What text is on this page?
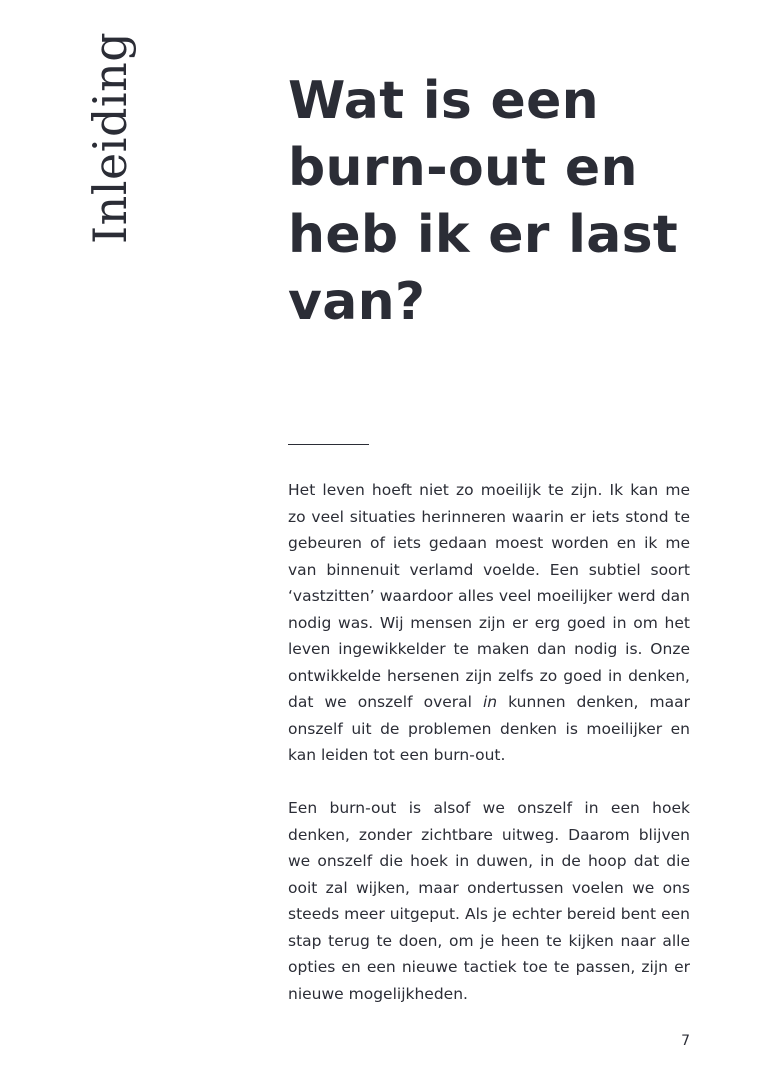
Inleiding	Wat is een burn-out en heb ik er last van?

Het leven hoeft niet zo moeilijk te zijn. Ik kan me zo veel situaties herinneren waarin er iets stond te gebeuren of iets gedaan moest worden en ik me van binnenuit verlamd voelde. Een subtiel soort ‘vastzitten’ waardoor alles veel moeilijker werd dan nodig was. Wij mensen zijn er erg goed in om het leven ingewikkelder te maken dan nodig is. Onze ontwikkelde hersenen zijn zelfs zo goed in denken, dat we onszelf overal in kunnen denken, maar onszelf uit de problemen denken is moeilijker en kan leiden tot een burn-out.

Een burn-out is alsof we onszelf in een hoek denken, zonder zichtbare uitweg. Daarom blijven we onszelf die hoek in duwen, in de hoop dat die ooit zal wijken, maar ondertussen voelen we ons steeds meer uitgeput. Als je echter bereid bent een stap terug te doen, om je heen te kijken naar alle opties en een nieuwe tactiek toe te passen, zijn er nieuwe mogelijkheden.

7
